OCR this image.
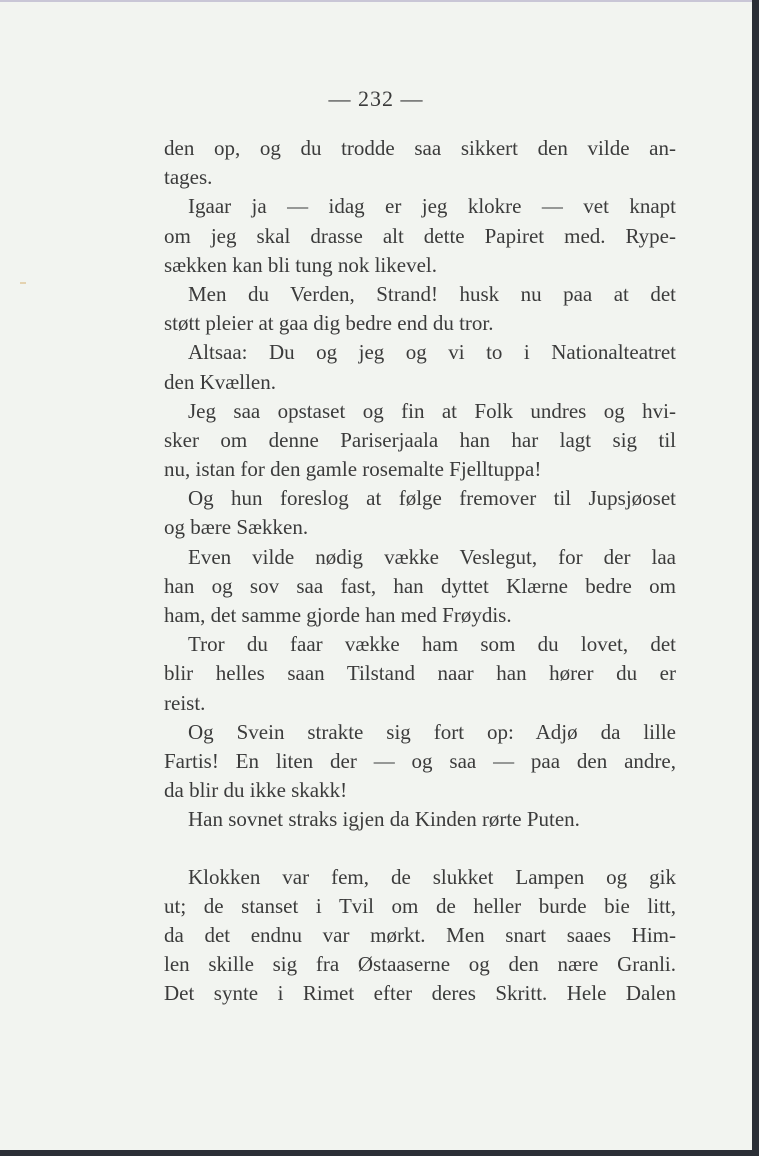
— 232 —
den op, og du trodde saa sikkert den vilde an-
tages.
Igaar ja — idag er jeg klokre — vet knapt
om jeg skal drasse alt dette Papiret med. Rype-
sækken kan bli tung nok likevel.
Men du Verden, Strand! husk nu paa at det
støtt pleier at gaa dig bedre end du tror.
Altsaa: Du og jeg og vi to i Nationalteatret
den Kvællen.
Jeg saa opstaset og fin at Folk undres og hvi-
sker om denne Pariserjaala han har lagt sig til
nu, istan for den gamle rosemalte Fjelltuppa!
Og hun foreslog at følge fremover til Jupsjøoset
og bære Sækken.
Even vilde nødig vække Veslegut, for der laa
han og sov saa fast, han dyttet Klærne bedre om
ham, det samme gjorde han med Frøydis.
Tror du faar vække ham som du lovet, det
blir helles saan Tilstand naar han hører du er
reist.
Og Svein strakte sig fort op: Adjø da lille
Fartis! En liten der — og saa — paa den andre,
da blir du ikke skakk!
Han sovnet straks igjen da Kinden rørte Puten.
Klokken var fem, de slukket Lampen og gik
ut; de stanset i Tvil om de heller burde bie litt,
da det endnu var mørkt. Men snart saaes Him-
len skille sig fra Østaaserne og den nære Granli.
Det synte i Rimet efter deres Skritt. Hele Dalen
